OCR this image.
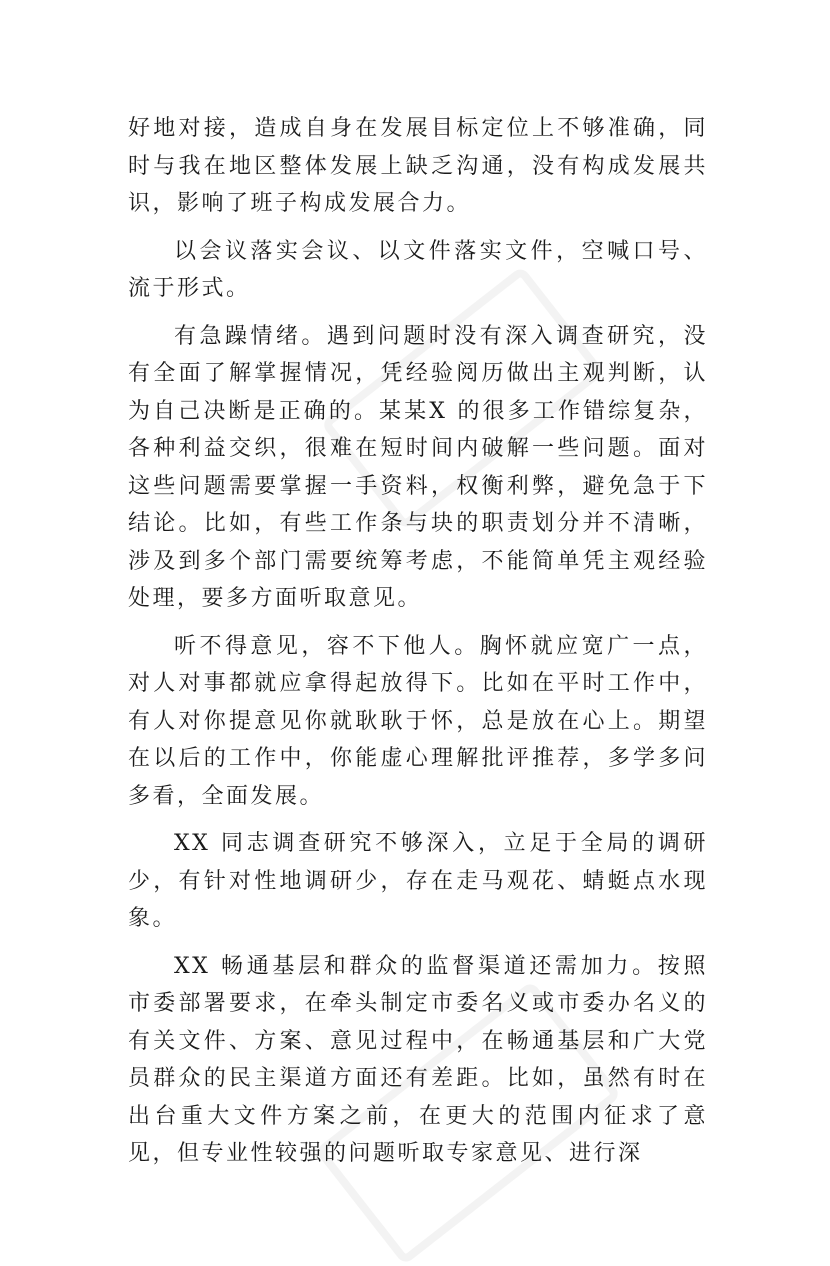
好地对接，造成自身在发展目标定位上不够准确，同时与我在地区整体发展上缺乏沟通，没有构成发展共识，影响了班子构成发展合力。

以会议落实会议、以文件落实文件，空喊口号、流于形式。

有急躁情绪。遇到问题时没有深入调查研究，没有全面了解掌握情况，凭经验阅历做出主观判断，认为自己决断是正确的。某某X 的很多工作错综复杂，各种利益交织，很难在短时间内破解一些问题。面对这些问题需要掌握一手资料，权衡利弊，避免急于下结论。比如，有些工作条与块的职责划分并不清晰，涉及到多个部门需要统筹考虑，不能简单凭主观经验处理，要多方面听取意见。

听不得意见，容不下他人。胸怀就应宽广一点，对人对事都就应拿得起放得下。比如在平时工作中，有人对你提意见你就耿耿于怀，总是放在心上。期望在以后的工作中，你能虚心理解批评推荐，多学多问多看，全面发展。

XX 同志调查研究不够深入，立足于全局的调研少，有针对性地调研少，存在走马观花、蜻蜓点水现象。

XX 畅通基层和群众的监督渠道还需加力。按照市委部署要求，在牵头制定市委名义或市委办名义的有关文件、方案、意见过程中，在畅通基层和广大党员群众的民主渠道方面还有差距。比如，虽然有时在出台重大文件方案之前，在更大的范围内征求了意见，但专业性较强的问题听取专家意见、进行深
